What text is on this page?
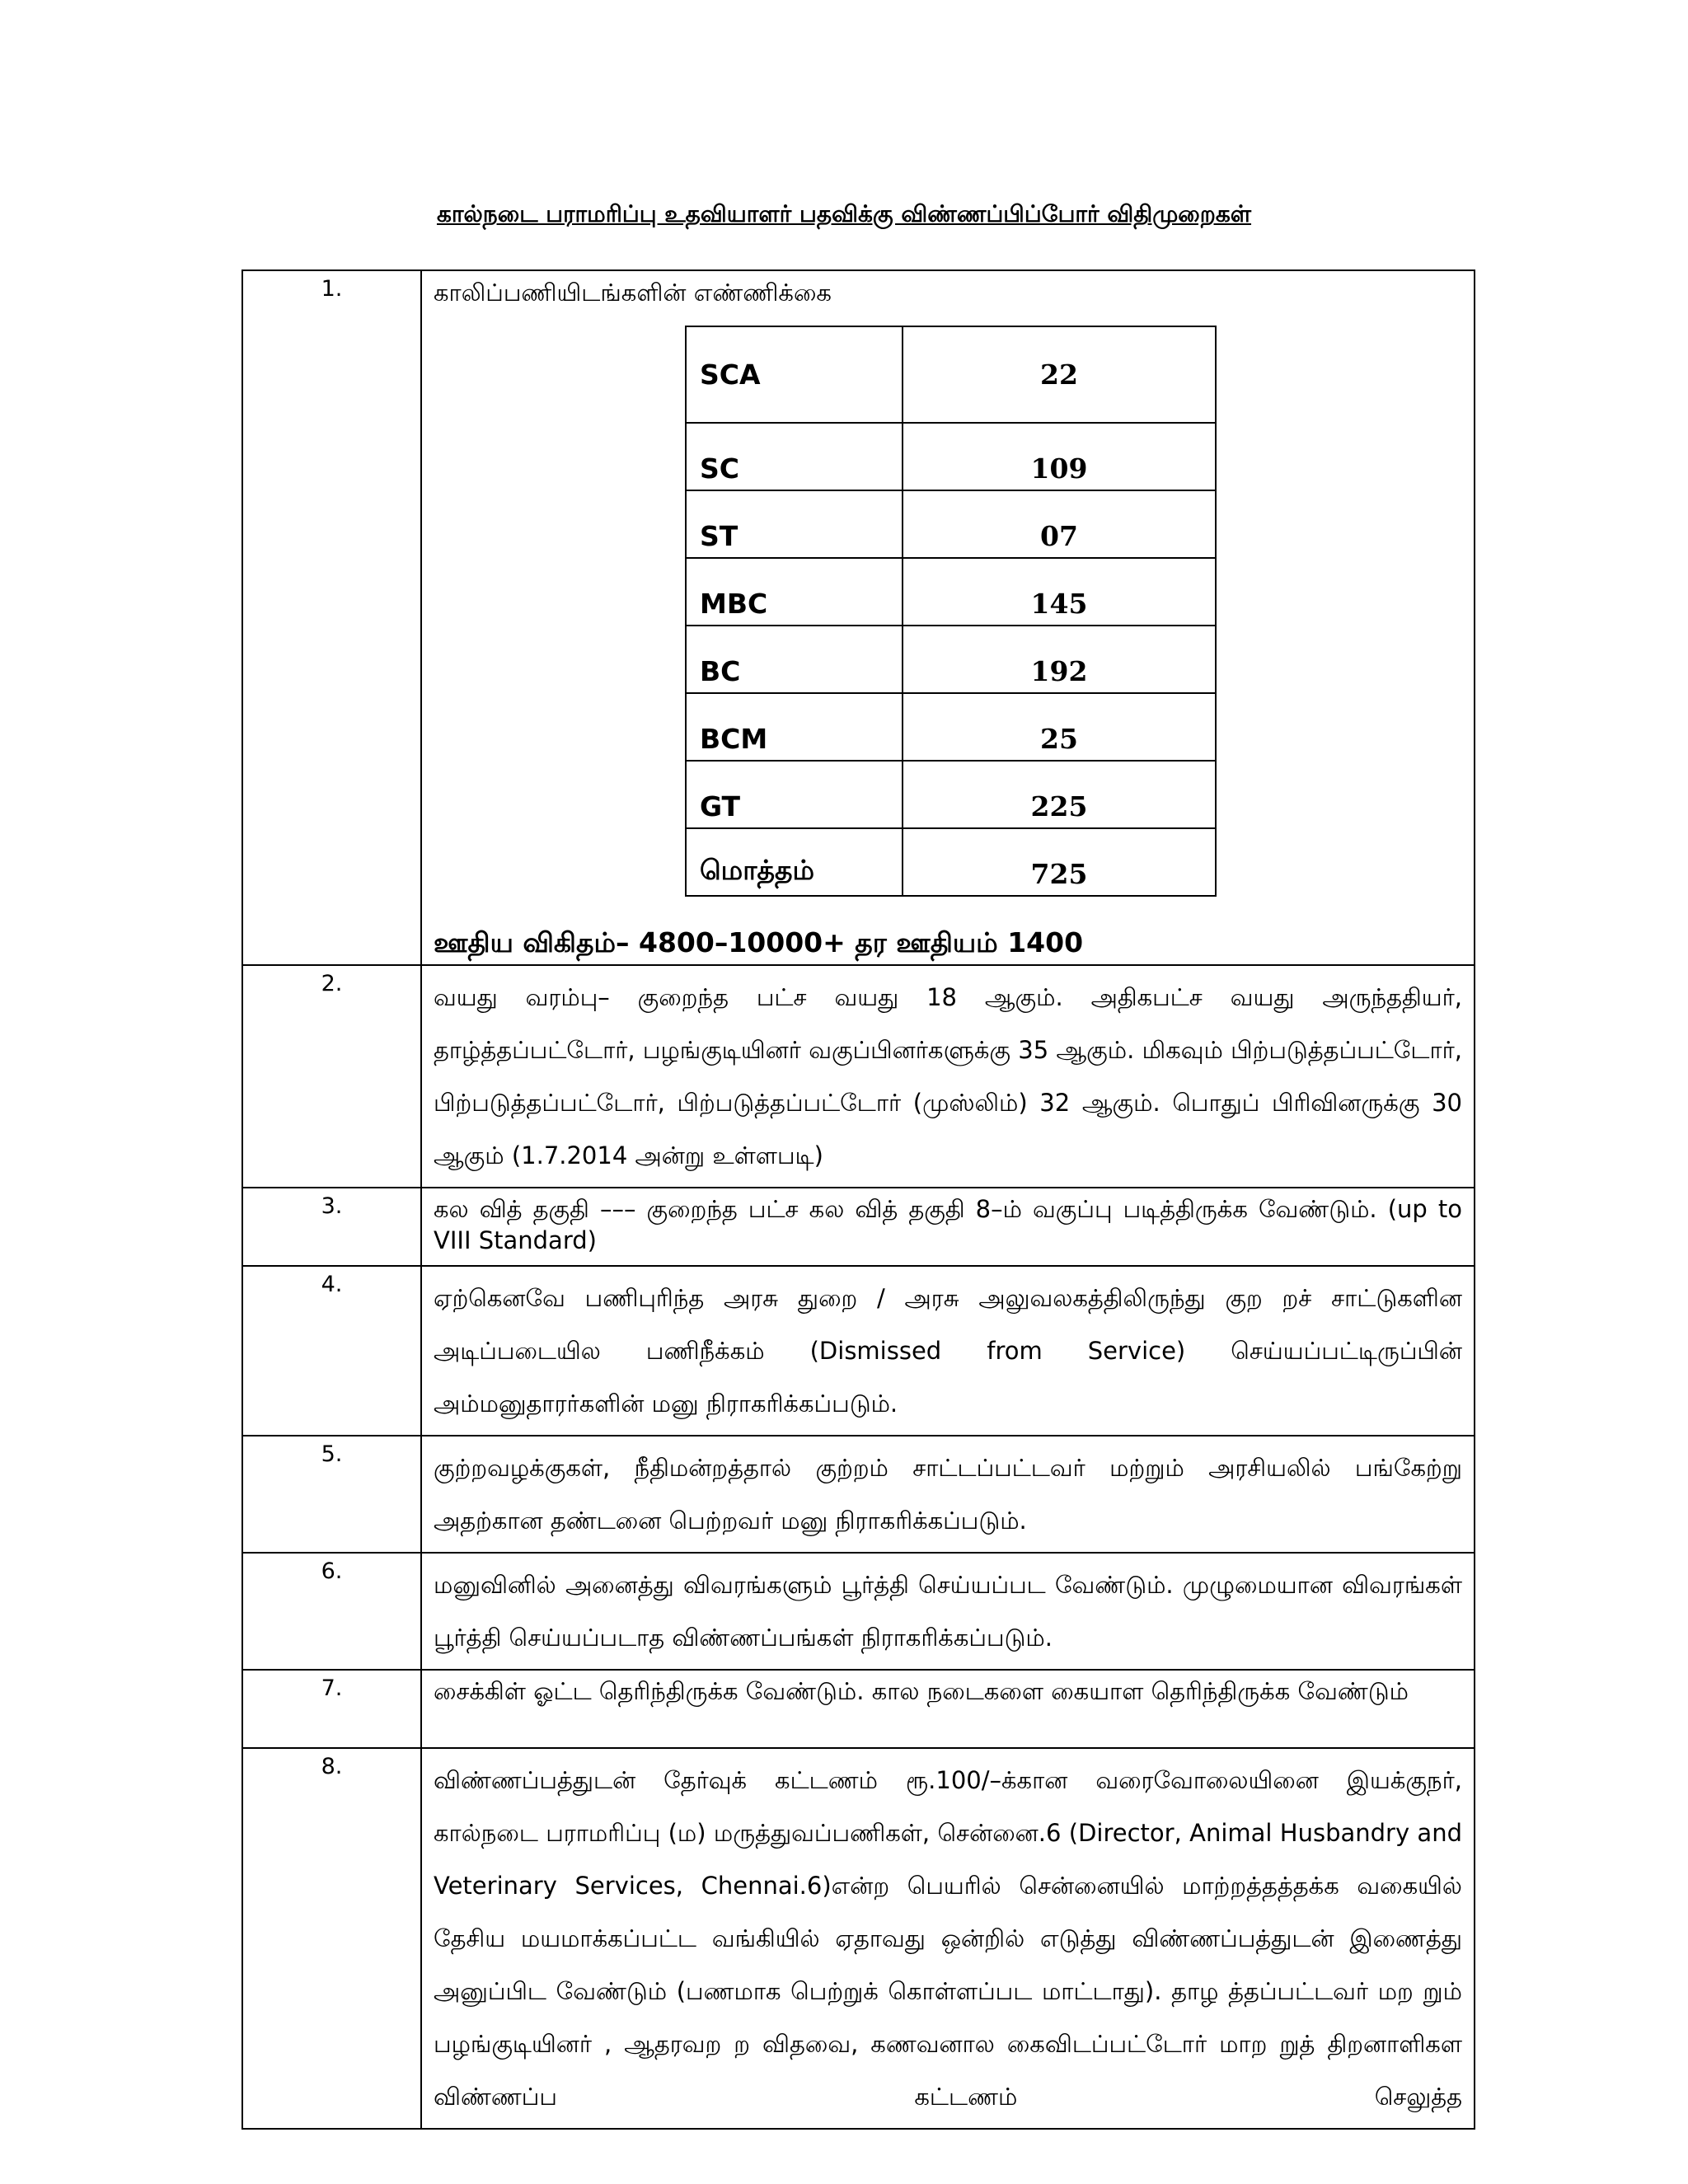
கால்நடை பராமரிப்பு உதவியாளர் பதவிக்கு விண்ணப்பிப்போர் விதிமுறைகள்
1.	காலிப்பணியிடங்களின் எண்ணிக்கை
SCA	22
SC	109
ST	07
MBC	145
BC	192
BCM	25
GT	225
மொத்தம்	725
ஊதிய விகிதம்– 4800–10000+ தர ஊதியம் 1400

2.	வயது வரம்பு– குறைந்த பட்ச வயது 18 ஆகும். அதிகபட்ச வயது அருந்ததியர், தாழ்த்தப்பட்டோர், பழங்குடியினர் வகுப்பினர்களுக்கு 35 ஆகும். மிகவும் பிற்படுத்தப்பட்டோர், பிற்படுத்தப்பட்டோர், பிற்படுத்தப்பட்டோர் (முஸ்லிம்) 32 ஆகும். பொதுப் பிரிவினருக்கு 30 ஆகும் (1.7.2014 அன்று உள்ளபடி)
3.	கல வித் தகுதி ––– குறைந்த பட்ச கல வித் தகுதி 8–ம் வகுப்பு படித்திருக்க வேண்டும். (up to VIII Standard)
4.	ஏற்கெனவே பணிபுரிந்த அரசு துறை / அரசு அலுவலகத்திலிருந்து குற றச் சாட்டுகளின அடிப்படையில பணிநீக்கம் (Dismissed from Service) செய்யப்பட்டிருப்பின் அம்மனுதாரர்களின் மனு நிராகரிக்கப்படும்.
5.	குற்றவழக்குகள், நீதிமன்றத்தால் குற்றம் சாட்டப்பட்டவர் மற்றும் அரசியலில் பங்கேற்று அதற்கான தண்டனை பெற்றவர் மனு நிராகரிக்கப்படும்.
6.	மனுவினில் அனைத்து விவரங்களும் பூர்த்தி செய்யப்பட வேண்டும். முழுமையான விவரங்கள் பூர்த்தி செய்யப்படாத விண்ணப்பங்கள் நிராகரிக்கப்படும்.
7.	சைக்கிள் ஓட்ட தெரிந்திருக்க வேண்டும். கால நடைகளை கையாள தெரிந்திருக்க வேண்டும்
8.	விண்ணப்பத்துடன் தேர்வுக் கட்டணம் ரூ.100/–க்கான வரைவோலையினை இயக்குநர், கால்நடை பராமரிப்பு (ம) மருத்துவப்பணிகள், சென்னை.6 (Director, Animal Husbandry and Veterinary Services, Chennai.6)என்ற பெயரில் சென்னையில் மாற்றத்தத்தக்க வகையில் தேசிய மயமாக்கப்பட்ட வங்கியில் ஏதாவது ஒன்றில் எடுத்து விண்ணப்பத்துடன் இணைத்து அனுப்பிட வேண்டும் (பணமாக பெற்றுக் கொள்ளப்பட மாட்டாது). தாழ த்தப்பட்டவர் மற றும் பழங்குடியினர் , ஆதரவற ற விதவை, கணவனால கைவிடப்பட்டோர் மாற றுத் திறனாளிகள விண்ணப்ப கட்டணம் செலுத்த
